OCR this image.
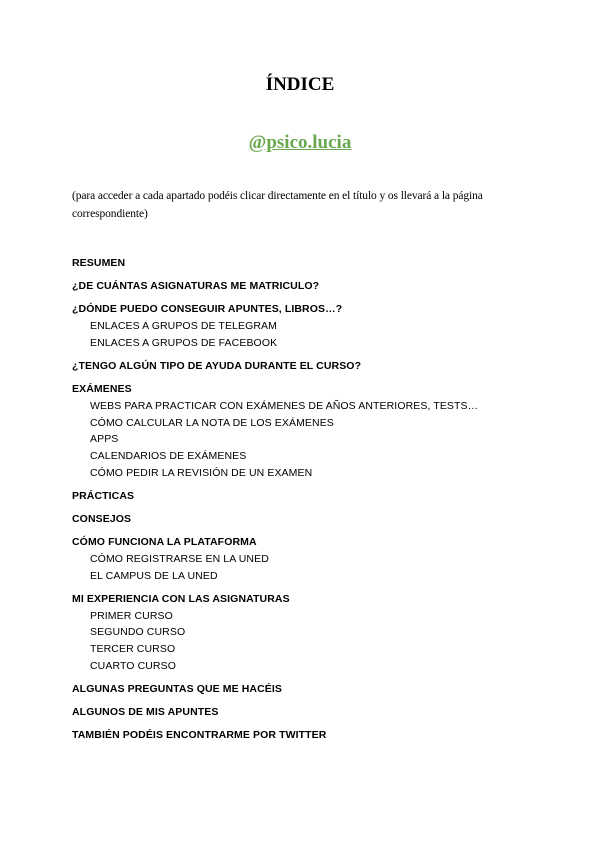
ÍNDICE
@psico.lucia

(para acceder a cada apartado podéis clicar directamente en el título y os llevará a la página correspondiente)

RESUMEN
¿DE CUÁNTAS ASIGNATURAS ME MATRICULO?
¿DÓNDE PUEDO CONSEGUIR APUNTES, LIBROS…?
ENLACES A GRUPOS DE TELEGRAM
ENLACES A GRUPOS DE FACEBOOK
¿TENGO ALGÚN TIPO DE AYUDA DURANTE EL CURSO?
EXÁMENES
WEBS PARA PRACTICAR CON EXÁMENES DE AÑOS ANTERIORES, TESTS…
CÓMO CALCULAR LA NOTA DE LOS EXÁMENES
APPS
CALENDARIOS DE EXÁMENES
CÓMO PEDIR LA REVISIÓN DE UN EXAMEN
PRÁCTICAS
CONSEJOS
CÓMO FUNCIONA LA PLATAFORMA
CÓMO REGISTRARSE EN LA UNED
EL CAMPUS DE LA UNED
MI EXPERIENCIA CON LAS ASIGNATURAS
PRIMER CURSO
SEGUNDO CURSO
TERCER CURSO
CUARTO CURSO
ALGUNAS PREGUNTAS QUE ME HACÉIS
ALGUNOS DE MIS APUNTES
TAMBIÉN PODÉIS ENCONTRARME POR TWITTER
